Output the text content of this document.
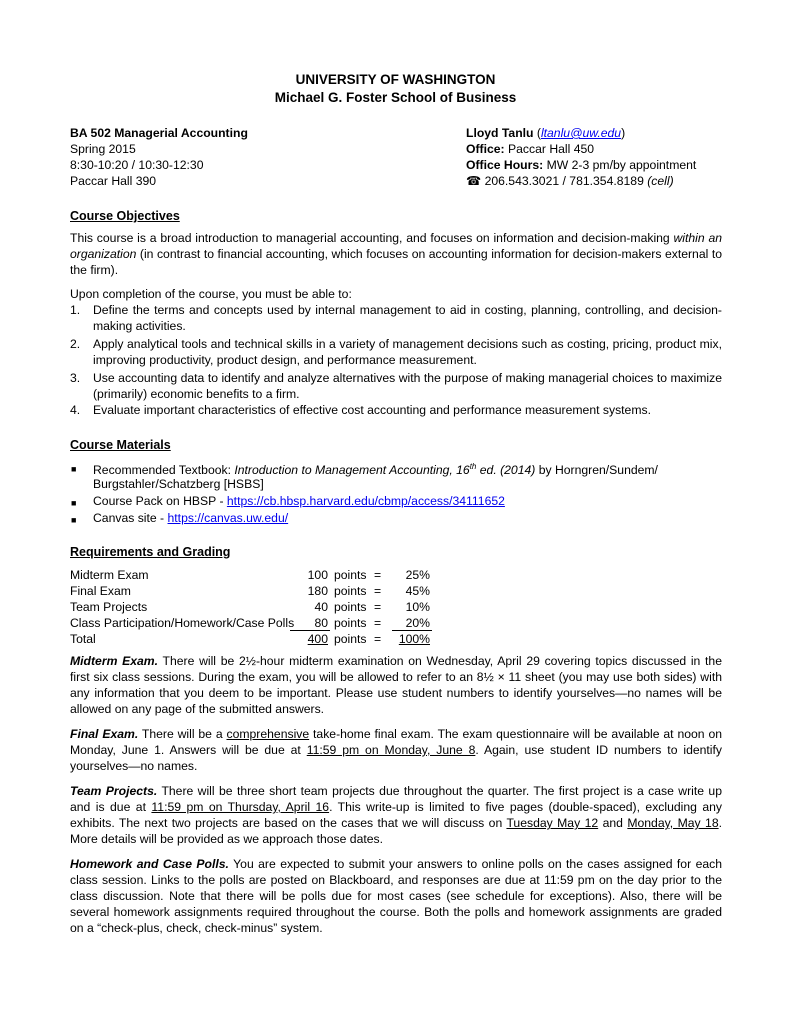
UNIVERSITY OF WASHINGTON
Michael G. Foster School of Business
BA 502 Managerial Accounting
Spring 2015
8:30-10:20 / 10:30-12:30
Paccar Hall 390
Lloyd Tanlu (ltanlu@uw.edu)
Office: Paccar Hall 450
Office Hours: MW 2-3 pm/by appointment
☎ 206.543.3021 / 781.354.8189 (cell)
Course Objectives
This course is a broad introduction to managerial accounting, and focuses on information and decision-making within an organization (in contrast to financial accounting, which focuses on accounting information for decision-makers external to the firm).
Upon completion of the course, you must be able to:
1.	Define the terms and concepts used by internal management to aid in costing, planning, controlling, and decision-making activities.
2.	Apply analytical tools and technical skills in a variety of management decisions such as costing, pricing, product mix, improving productivity, product design, and performance measurement.
3.	Use accounting data to identify and analyze alternatives with the purpose of making managerial choices to maximize (primarily) economic benefits to a firm.
4.	Evaluate important characteristics of effective cost accounting and performance measurement systems.
Course Materials
■ Recommended Textbook: Introduction to Management Accounting, 16th ed. (2014) by Horngren/Sundem/
Burgstahler/Schatzberg [HSBS]
■ Course Pack on HBSP - https://cb.hbsp.harvard.edu/cbmp/access/34111652
■ Canvas site - https://canvas.uw.edu/
Requirements and Grading
Midterm Exam	100 points =	25%
Final Exam	180 points =	45%
Team Projects	40 points =	10%
Class Participation/Homework/Case Polls	80 points =	20%
Total	400 points =	100%
Midterm Exam. There will be 2½-hour midterm examination on Wednesday, April 29 covering topics discussed in the first six class sessions. During the exam, you will be allowed to refer to an 8½ × 11 sheet (you may use both sides) with any information that you deem to be important. Please use student numbers to identify yourselves—no names will be allowed on any page of the submitted answers.
Final Exam. There will be a comprehensive take-home final exam. The exam questionnaire will be available at noon on Monday, June 1. Answers will be due at 11:59 pm on Monday, June 8. Again, use student ID numbers to identify yourselves—no names.
Team Projects. There will be three short team projects due throughout the quarter. The first project is a case write up and is due at 11:59 pm on Thursday, April 16. This write-up is limited to five pages (double-spaced), excluding any exhibits. The next two projects are based on the cases that we will discuss on Tuesday May 12 and Monday, May 18. More details will be provided as we approach those dates.
Homework and Case Polls. You are expected to submit your answers to online polls on the cases assigned for each class session. Links to the polls are posted on Blackboard, and responses are due at 11:59 pm on the day prior to the class discussion. Note that there will be polls due for most cases (see schedule for exceptions). Also, there will be several homework assignments required throughout the course. Both the polls and homework assignments are graded on a “check-plus, check, check-minus” system.
